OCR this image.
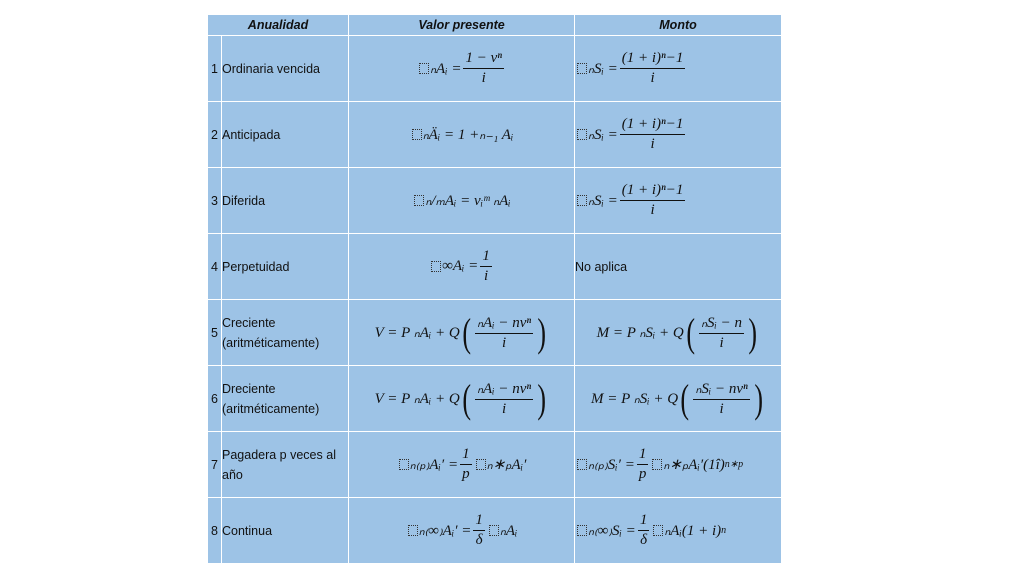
Anualidad		Valor presente	Monto
1	Ordinaria vencida	ₙAᵢ = $\frac{\text{1 − vⁿ}}{i}$	ₙSᵢ = $\frac{\text{(1 + i)ⁿ−1}}{i}$

2	Anticipada	ₙÄᵢ = 1 +ₙ₋₁ Aᵢ	ₙSᵢ = $\frac{\text{(1 + i)ⁿ−1}}{i}$

3	Diferida	ₙ/ₘAᵢ = vᵢᵐ ₙAᵢ	ₙSᵢ = $\frac{\text{(1 + i)ⁿ−1}}{i}$

4	Perpetuidad	∞Aᵢ = $\frac{1}{i}$	No aplica
5	Creciente (aritméticamente)	V = P ₙAᵢ + Q ( $\frac{\text{ₙAᵢ − nvⁿ}}{i}$ )	M = P ₙSᵢ + Q ( $\frac{\text{ₙSᵢ − n}}{i}$ )

6	Dreciente (aritméticamente)	V = P ₙAᵢ + Q ( $\frac{\text{ₙAᵢ − nvⁿ}}{i}$ )	M = P ₙSᵢ + Q ( $\frac{\text{ₙSᵢ − nvⁿ}}{i}$ )

7	Pagadera p veces al año	ₙ₍ₚ₎Aᵢ′ = $\frac{1}{p}$ ₙ∗ₚAᵢ′	ₙ₍ₚ₎Sᵢ′ = $\frac{1}{p}$ ₙ∗ₚAᵢ′(1î) n∗p

8	Continua	ₙ₍∞₎Aᵢ′ = $\frac{1}{\delta}$ ₙAᵢ	ₙ₍∞₎Sᵢ = $\frac{1}{\delta}$ ₙAᵢ(1 + i) n
